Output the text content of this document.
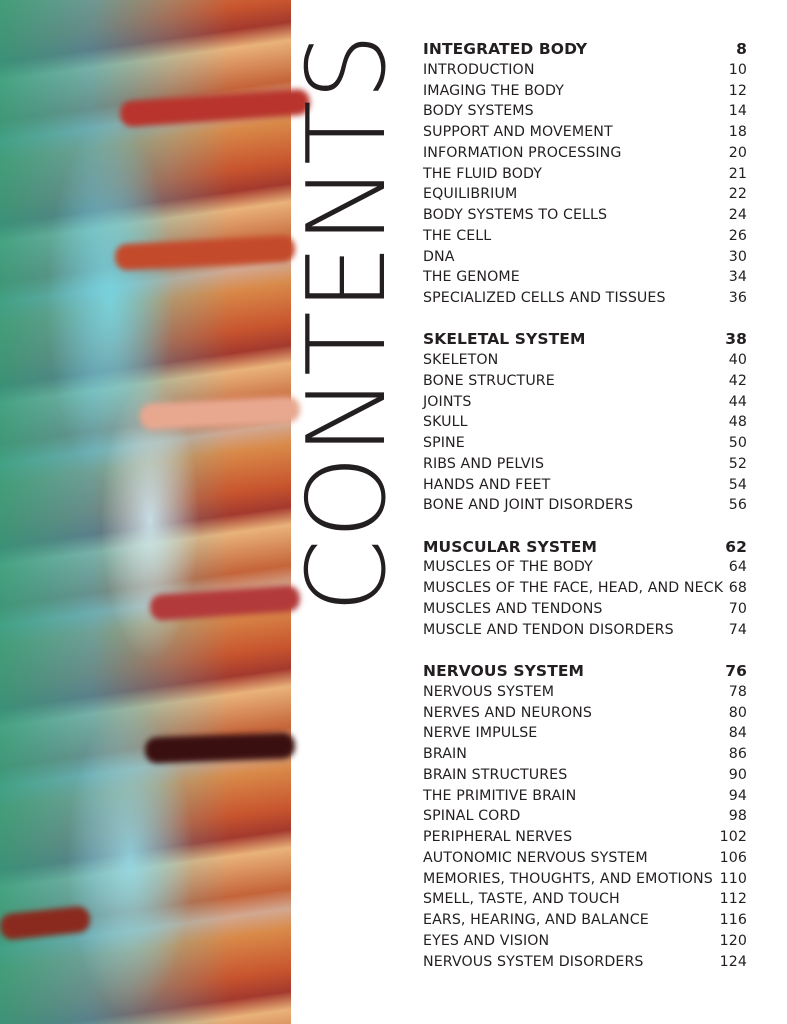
CONTENTS INTEGRATED BODY	8
INTRODUCTION	10
IMAGING THE BODY	12
BODY SYSTEMS	14
SUPPORT AND MOVEMENT	18
INFORMATION PROCESSING	20
THE FLUID BODY	21
EQUILIBRIUM	22
BODY SYSTEMS TO CELLS	24
THE CELL	26
DNA	30
THE GENOME	34
SPECIALIZED CELLS AND TISSUES	36
SKELETAL SYSTEM	38
SKELETON	40
BONE STRUCTURE	42
JOINTS	44
SKULL	48
SPINE	50
RIBS AND PELVIS	52
HANDS AND FEET	54
BONE AND JOINT DISORDERS	56
MUSCULAR SYSTEM	62
MUSCLES OF THE BODY	64
MUSCLES OF THE FACE, HEAD, AND NECK 68
MUSCLES AND TENDONS	70
MUSCLE AND TENDON DISORDERS	74
NERVOUS SYSTEM	76
NERVOUS SYSTEM	78
NERVES AND NEURONS	80
NERVE IMPULSE	84
BRAIN	86
BRAIN STRUCTURES	90
THE PRIMITIVE BRAIN	94
SPINAL CORD	98
PERIPHERAL NERVES	102
AUTONOMIC NERVOUS SYSTEM	106
MEMORIES, THOUGHTS, AND EMOTIONS 110
SMELL, TASTE, AND TOUCH	112
EARS, HEARING, AND BALANCE	116
EYES AND VISION	120
NERVOUS SYSTEM DISORDERS	124
